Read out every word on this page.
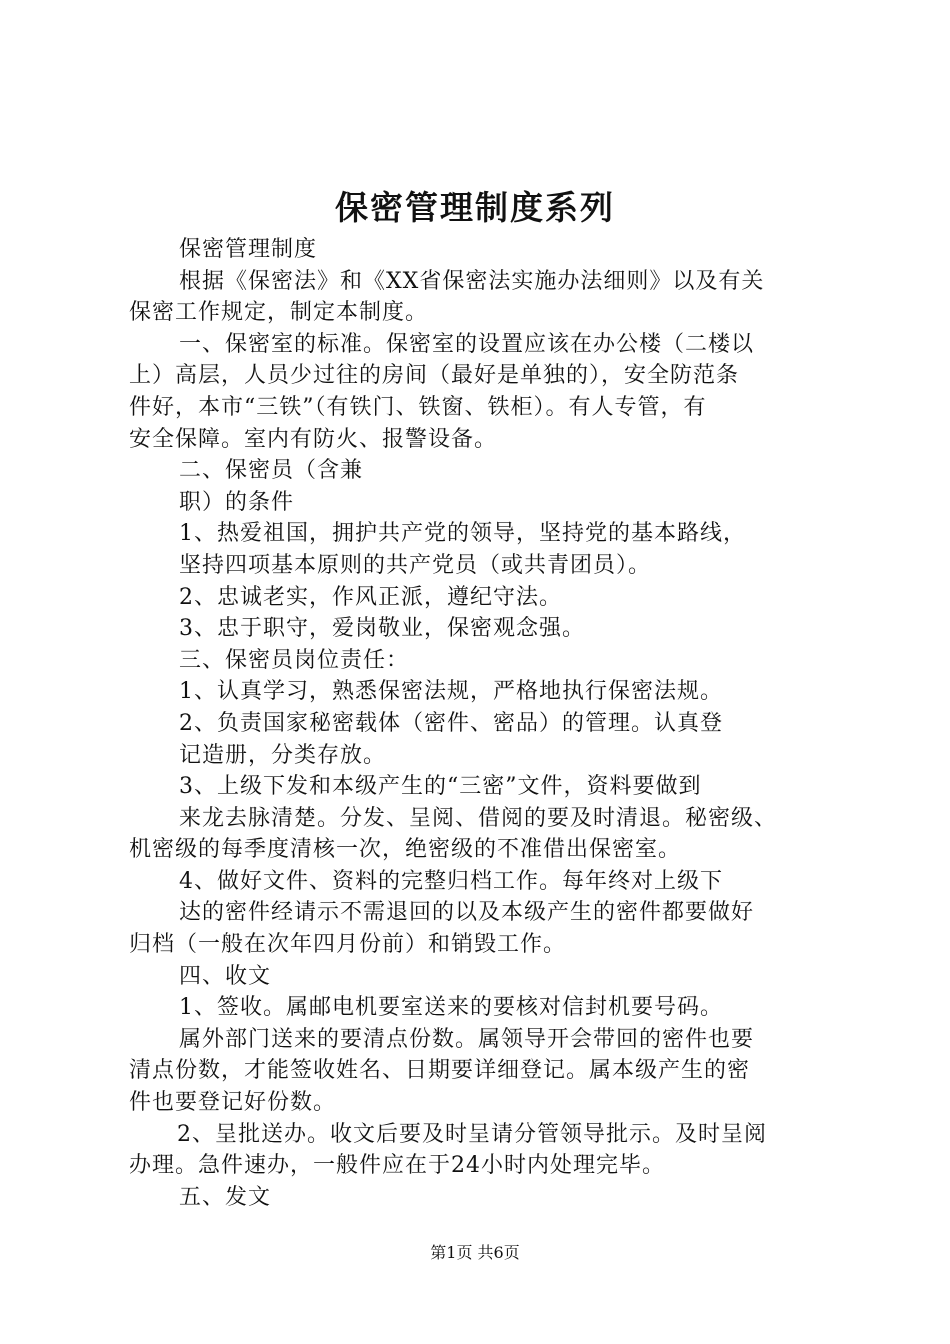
保密管理制度系列
保密管理制度
根据《保密法》和《XX省保密法实施办法细则》以及有关
保密工作规定，制定本制度。
一、保密室的标准。保密室的设置应该在办公楼（二楼以
上）高层，人员少过往的房间（最好是单独的），安全防范条
件好，本市“三铁”（有铁门、铁窗、铁柜）。有人专管，有
安全保障。室内有防火、报警设备。
二、保密员（含兼
职）的条件
1、热爱祖国，拥护共产党的领导，坚持党的基本路线，
坚持四项基本原则的共产党员（或共青团员）。
2、忠诚老实，作风正派，遵纪守法。
3、忠于职守，爱岗敬业，保密观念强。
三、保密员岗位责任：
1、认真学习，熟悉保密法规，严格地执行保密法规。
2、负责国家秘密载体（密件、密品）的管理。认真登
记造册，分类存放。
3、上级下发和本级产生的“三密”文件，资料要做到
来龙去脉清楚。分发、呈阅、借阅的要及时清退。秘密级、
机密级的每季度清核一次，绝密级的不准借出保密室。
4、做好文件、资料的完整归档工作。每年终对上级下
达的密件经请示不需退回的以及本级产生的密件都要做好
归档（一般在次年四月份前）和销毁工作。
四、收文
1、签收。属邮电机要室送来的要核对信封机要号码。
属外部门送来的要清点份数。属领导开会带回的密件也要
清点份数，才能签收姓名、日期要详细登记。属本级产生的密
件也要登记好份数。
2、呈批送办。收文后要及时呈请分管领导批示。及时呈阅
办理。急件速办，一般件应在于24小时内处理完毕。
五、发文
第1页 共6页
